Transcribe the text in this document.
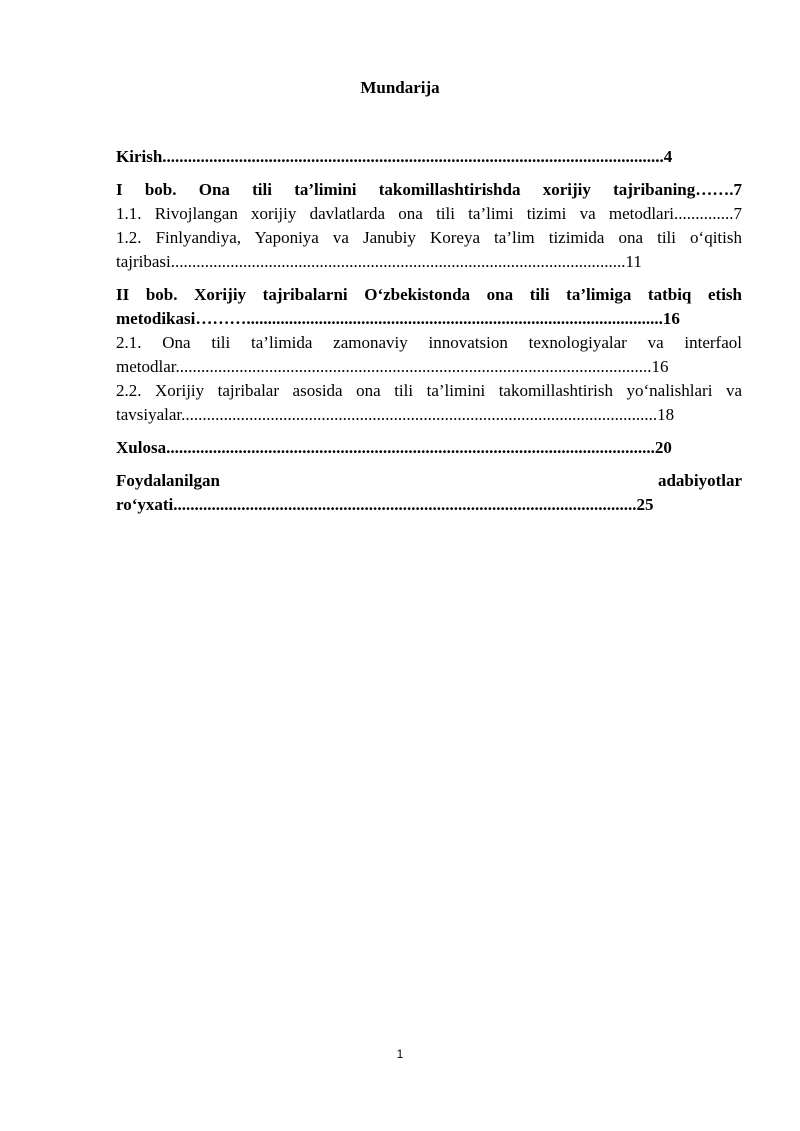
Mundarija

Kirish......................................................................................................................4

I bob. Ona tili ta’limini takomillashtirishda xorijiy tajribaning…….7

1.1. Rivojlangan xorijiy davlatlarda ona tili ta’limi tizimi va metodlari..............7

1.2. Finlyandiya, Yaponiya va Janubiy Koreya ta’lim tizimida ona tili o‘qitish
tajribasi...........................................................................................................11

II bob. Xorijiy tajribalarni O‘zbekistonda ona tili ta’limiga tatbiq etish
metodikasi………..................................................................................................16

2.1. Ona tili ta’limida zamonaviy innovatsion texnologiyalar va interfaol
metodlar................................................................................................................16

2.2. Xorijiy tajribalar asosida ona tili ta’limini takomillashtirish yo‘nalishlari va
tavsiyalar................................................................................................................18

Xulosa...................................................................................................................20

Foydalanilgan	adabiyotlar
ro‘yxati.............................................................................................................25

1
